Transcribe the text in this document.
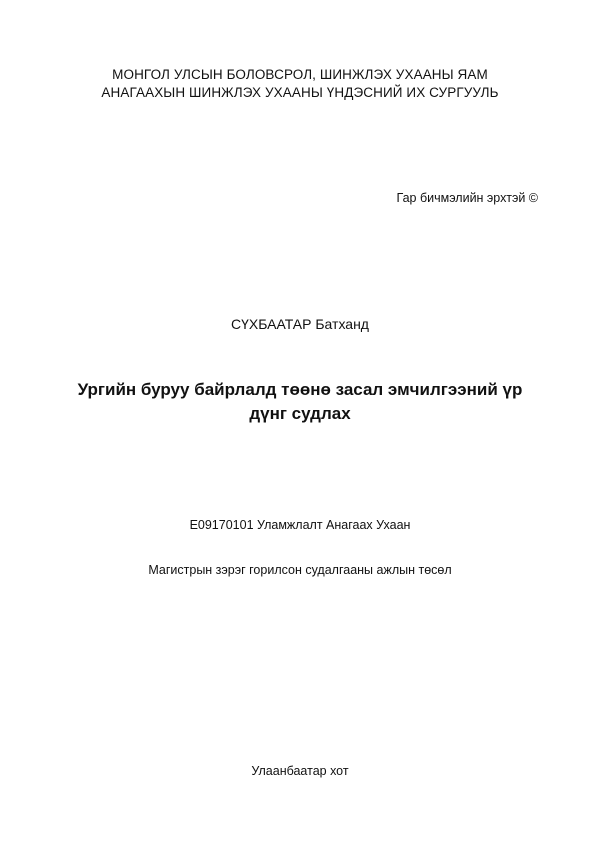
МОНГОЛ УЛСЫН БОЛОВСРОЛ, ШИНЖЛЭХ УХААНЫ ЯАМ
АНАГААХЫН ШИНЖЛЭХ УХААНЫ ҮНДЭСНИЙ ИХ СУРГУУЛЬ
Гар бичмэлийн эрхтэй ©
СҮХБААТАР Батханд
Ургийн буруу байрлалд төөнө засал эмчилгээний үр дүнг судлах
Е09170101 Уламжлалт Анагаах Ухаан
Магистрын зэрэг горилсон судалгааны ажлын төсөл
Улаанбаатар хот
